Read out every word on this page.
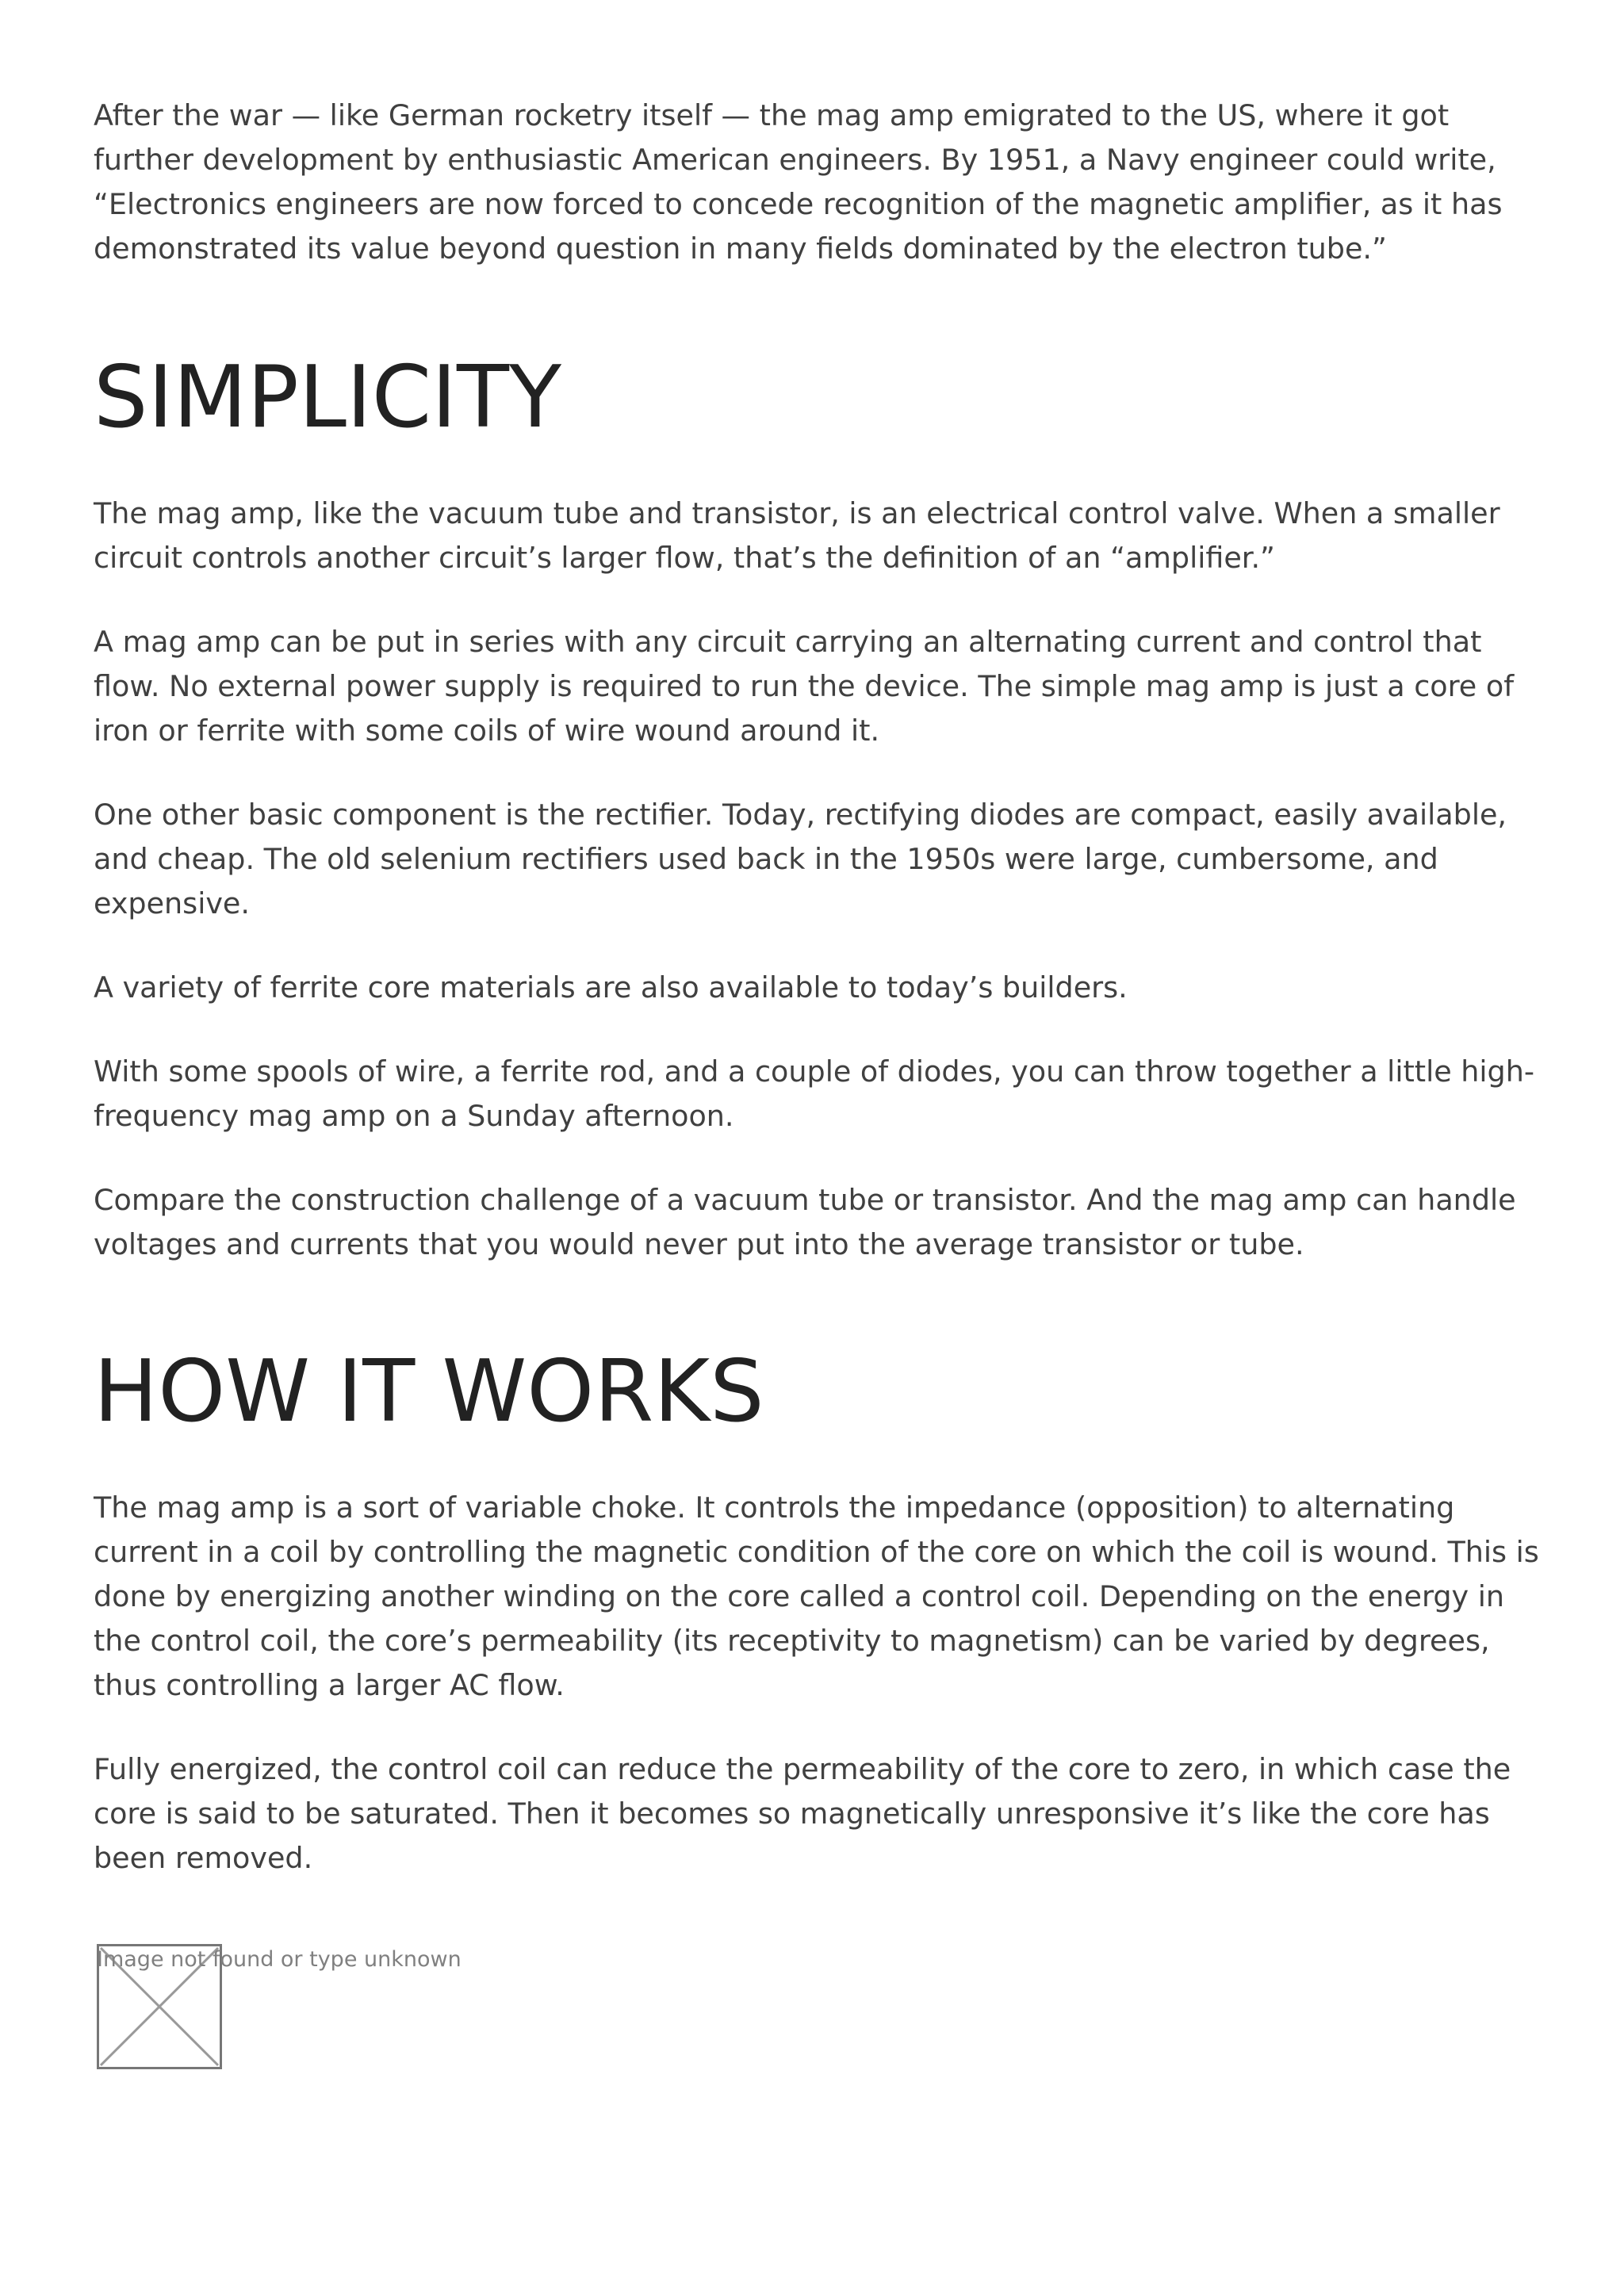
After the war — like German rocketry itself — the mag amp emigrated to the US, where it got further development by enthusiastic American engineers. By 1951, a Navy engineer could write, “Electronics engineers are now forced to concede recognition of the magnetic amplifier, as it has demonstrated its value beyond question in many fields dominated by the electron tube.”

SIMPLICITY

The mag amp, like the vacuum tube and transistor, is an electrical control valve. When a smaller circuit controls another circuit’s larger flow, that’s the definition of an “amplifier.”

A mag amp can be put in series with any circuit carrying an alternating current and control that flow. No external power supply is required to run the device. The simple mag amp is just a core of iron or ferrite with some coils of wire wound around it.

One other basic component is the rectifier. Today, rectifying diodes are compact, easily available, and cheap. The old selenium rectifiers used back in the 1950s were large, cumbersome, and expensive.

A variety of ferrite core materials are also available to today’s builders.

With some spools of wire, a ferrite rod, and a couple of diodes, you can throw together a little high-frequency mag amp on a Sunday afternoon.

Compare the construction challenge of a vacuum tube or transistor. And the mag amp can handle voltages and currents that you would never put into the average transistor or tube.

HOW IT WORKS

The mag amp is a sort of variable choke. It controls the impedance (opposition) to alternating current in a coil by controlling the magnetic condition of the core on which the coil is wound. This is done by energizing another winding on the core called a control coil. Depending on the energy in the control coil, the core’s permeability (its receptivity to magnetism) can be varied by degrees, thus controlling a larger AC flow.

Fully energized, the control coil can reduce the permeability of the core to zero, in which case the core is said to be saturated. Then it becomes so magnetically unresponsive it’s like the core has been removed.

Image not found or type unknown
